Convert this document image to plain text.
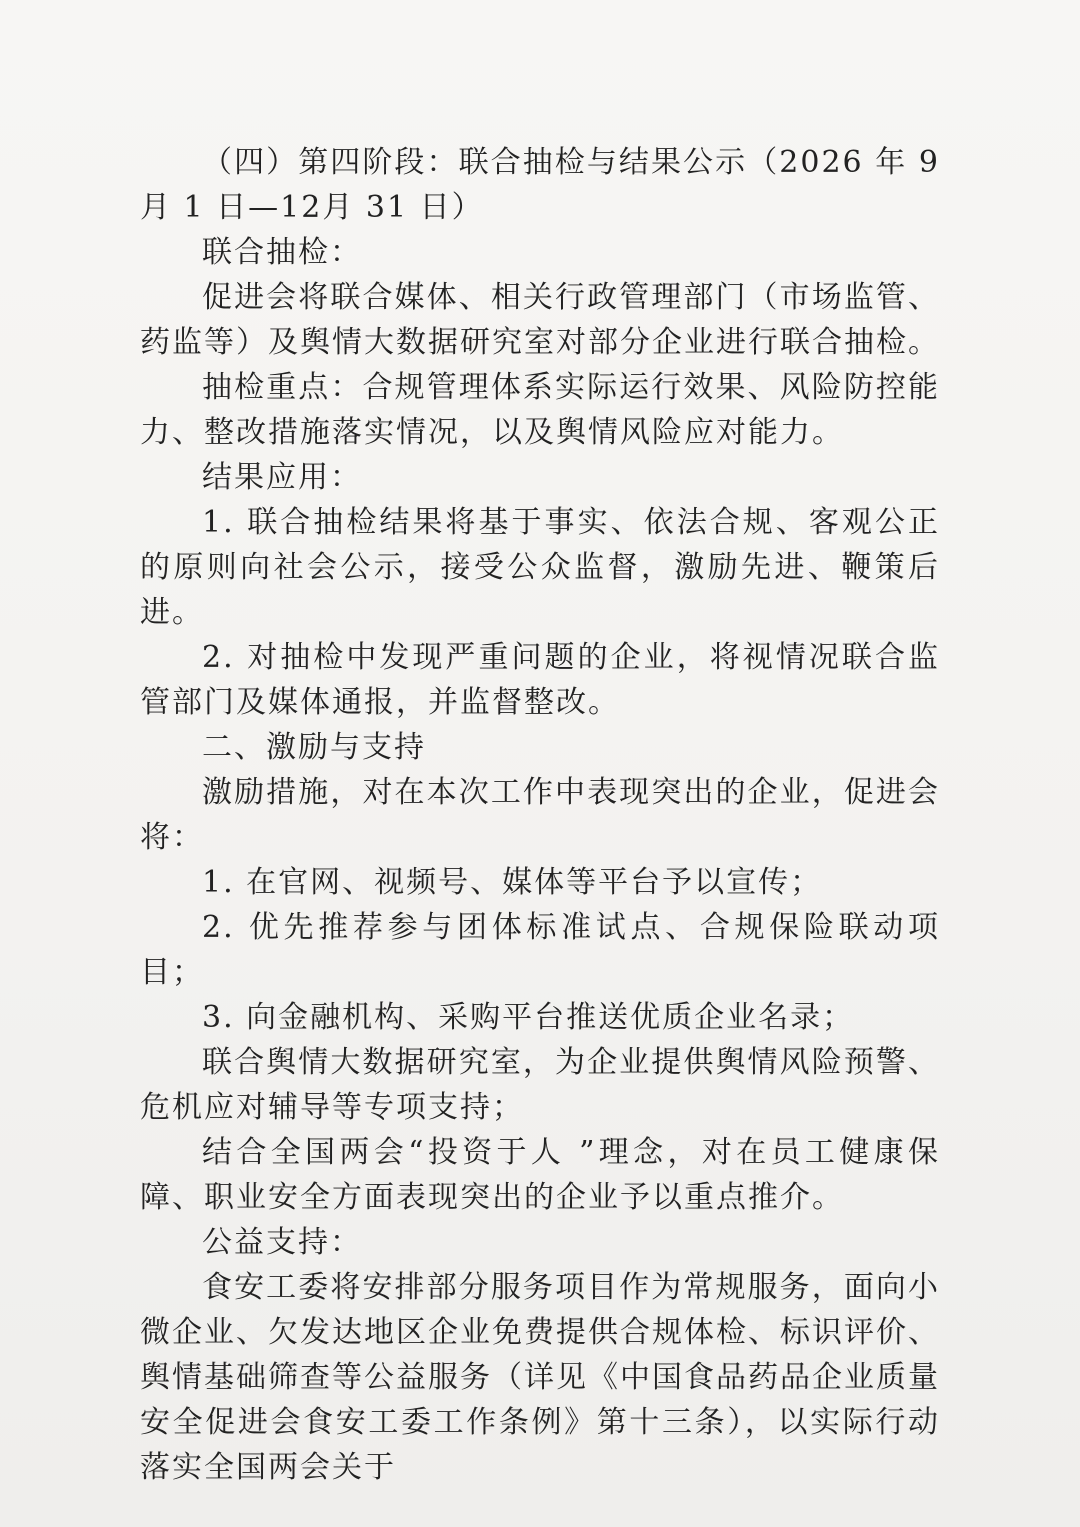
（四）第四阶段：联合抽检与结果公示（2026 年 9 月 1 日—12月 31 日）

联合抽检：

促进会将联合媒体、相关行政管理部门（市场监管、药监等）及舆情大数据研究室对部分企业进行联合抽检。

抽检重点：合规管理体系实际运行效果、风险防控能力、整改措施落实情况，以及舆情风险应对能力。

结果应用：

1. 联合抽检结果将基于事实、依法合规、客观公正的原则向社会公示，接受公众监督，激励先进、鞭策后进。

2. 对抽检中发现严重问题的企业，将视情况联合监管部门及媒体通报，并监督整改。

二、激励与支持

激励措施，对在本次工作中表现突出的企业，促进会将：

1. 在官网、视频号、媒体等平台予以宣传；

2. 优先推荐参与团体标准试点、合规保险联动项目；

3. 向金融机构、采购平台推送优质企业名录；

联合舆情大数据研究室，为企业提供舆情风险预警、危机应对辅导等专项支持；

结合全国两会“投资于人 ”理念，对在员工健康保障、职业安全方面表现突出的企业予以重点推介。

公益支持：

食安工委将安排部分服务项目作为常规服务，面向小微企业、欠发达地区企业免费提供合规体检、标识评价、舆情基础筛查等公益服务（详见《中国食品药品企业质量安全促进会食安工委工作条例》第十三条），以实际行动落实全国两会关于
